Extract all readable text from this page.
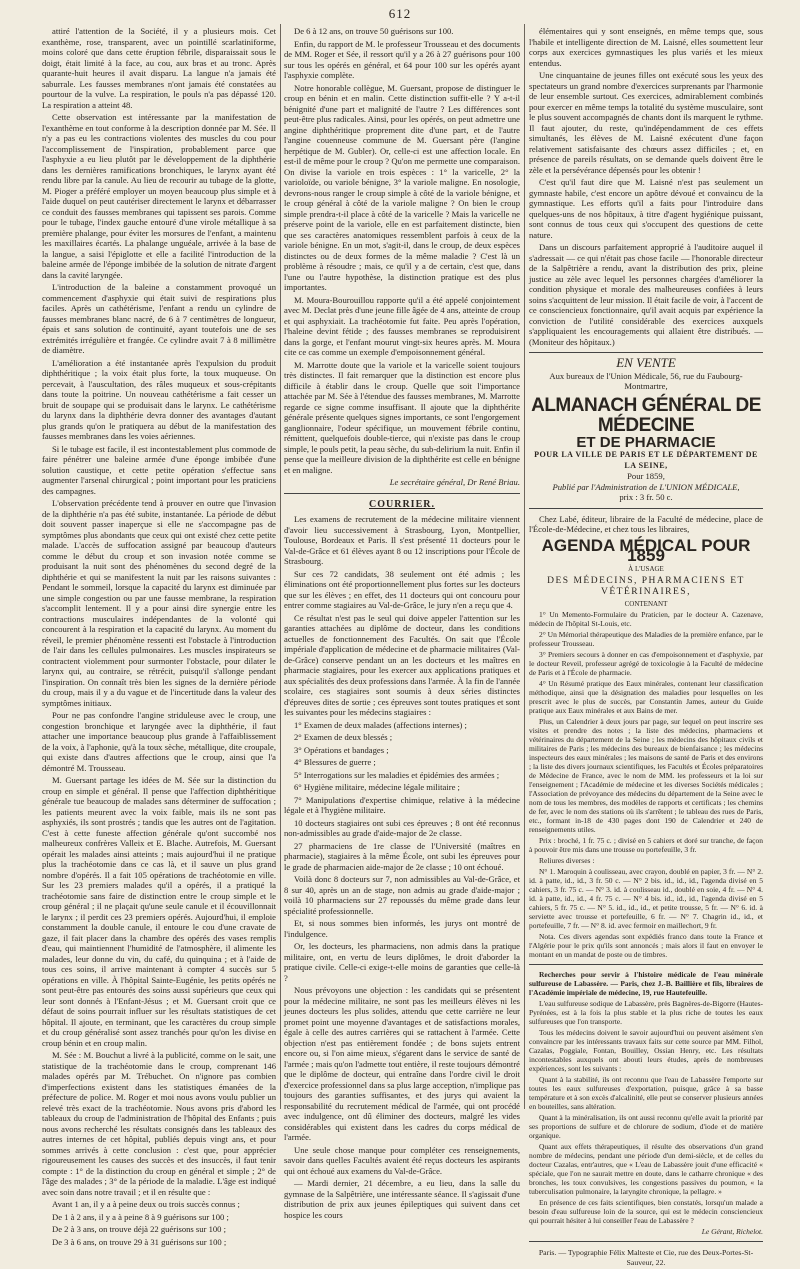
612

attiré l'attention de la Société, il y a plusieurs mois. Cet exanthème, rose, transparent, avec un pointillé scarlatiniforme, moins coloré que dans cette éruption fébrile, disparaissait sous le doigt, était limité à la face, au cou, aux bras et au tronc. Après quarante-huit heures il avait disparu. La langue n'a jamais été saburrale. Les fausses membranes n'ont jamais été constatées au pourtour de la vulve. La respiration, le pouls n'a pas dépassé 120. La respiration a atteint 48.

Cette observation est intéressante par la manifestation de l'exanthème en tout conforme à la description donnée par M. Sée. Il n'y a pas eu les contractions violentes des muscles du cou pour l'accomplissement de l'inspiration, probablement parce que l'asphyxie a eu lieu plutôt par le développement de la diphthérie dans les dernières ramifications bronchiques, le larynx ayant été rendu libre par la canule. Au lieu de recourir au tubage de la glotte, M. Pioger a préféré employer un moyen beaucoup plus simple et à l'aide duquel on peut cautériser directement le larynx et débarrasser ce conduit des fausses membranes qui tapissent ses parois. Comme pour le tubage, l'index gauche entouré d'une virole métallique à sa première phalange, pour éviter les morsures de l'enfant, a maintenu les maxillaires écartés. La phalange unguéale, arrivée à la base de la langue, a saisi l'épiglotte et elle a facilité l'introduction de la baleine armée de l'éponge imbibée de la solution de nitrate d'argent dans la cavité laryngée.

L'introduction de la baleine a constamment provoqué un commencement d'asphyxie qui était suivi de respirations plus faciles. Après un cathétérisme, l'enfant a rendu un cylindre de fausses membranes blanc nacré, de 6 à 7 centimètres de longueur, épais et sans solution de continuité, ayant toutefois une de ses extrémités irrégulière et frangée. Ce cylindre avait 7 à 8 millimètre de diamètre.

L'amélioration a été instantanée après l'expulsion du produit diphthéritique ; la voix était plus forte, la toux muqueuse. On percevait, à l'auscultation, des râles muqueux et sous-crépitants dans toute la poitrine. Un nouveau cathétérisme a fait cesser un bruit de soupape qui se produisait dans le larynx. Le cathétérisme du larynx dans la diphthérie devra donner des avantages d'autant plus grands qu'on le pratiquera au début de la manifestation des fausses membranes dans les voies aériennes.

Si le tubage est facile, il est incontestablement plus commode de faire pénétrer une baleine armée d'une éponge imbibée d'une solution caustique, et cette petite opération s'effectue sans augmenter l'arsenal chirurgical ; point important pour les praticiens des campagnes.

L'observation précédente tend à prouver en outre que l'invasion de la diphthérie n'a pas été subite, instantanée. La période de début doit souvent passer inaperçue si elle ne s'accompagne pas de symptômes plus abondants que ceux qui ont existé chez cette petite malade. L'accès de suffocation assigné par beaucoup d'auteurs comme le début du croup et son invasion notée comme se produisant la nuit sont des phénomènes du second degré de la diphthérie et qui se manifestent la nuit par les raisons suivantes : Pendant le sommeil, lorsque la capacité du larynx est diminuée par une simple congestion ou par une fausse membrane, la respiration s'accomplit lentement. Il y a pour ainsi dire synergie entre les contractions musculaires indépendantes de la volonté qui concourent à la respiration et la capacité du larynx. Au moment du réveil, le premier phénomène ressenti est l'obstacle à l'introduction de l'air dans les cellules pulmonaires. Les muscles inspirateurs se contractent violemment pour surmonter l'obstacle, pour dilater le larynx qui, au contraire, se rétrécit, puisqu'il s'allonge pendant l'inspiration. On connaît très bien les signes de la dernière période du croup, mais il y a du vague et de l'incertitude dans la valeur des symptômes initiaux.

Pour ne pas confondre l'angine striduleuse avec le croup, une congestion bronchique et laryngée avec la diphthérie, il faut attacher une importance beaucoup plus grande à l'affaiblissement de la voix, à l'aphonie, qu'à la toux sèche, métallique, dite croupale, qui existe dans d'autres affections que le croup, ainsi que l'a démontré M. Trousseau.

M. Guersant partage les idées de M. Sée sur la distinction du croup en simple et général. Il pense que l'affection diphthéritique générale tue beaucoup de malades sans déterminer de suffocation ; les patients meurent avec la voix faible, mais ils ne sont pas asphyxiés, ils sont prostrés ; tandis que les autres ont de l'agitation. C'est à cette funeste affection générale qu'ont succombé nos malheureux confrères Valleix et E. Blache. Autrefois, M. Guersant opérait les malades ainsi atteints ; mais aujourd'hui il ne pratique plus la trachéotomie dans ce cas là, et il sauve un plus grand nombre d'opérés. Il a fait 105 opérations de trachéotomie en ville. Sur les 23 premiers malades qu'il a opérés, il a pratiqué la trachéotomie sans faire de distinction entre le croup simple et le croup général ; il ne plaçait qu'une seule canule et il écouvillonnait le larynx ; il perdit ces 23 premiers opérés. Aujourd'hui, il emploie constamment la double canule, il entoure le cou d'une cravate de gaze, il fait placer dans la chambre des opérés des vases remplis d'eau, qui maintiennent l'humidité de l'atmosphère, il alimente les malades, leur donne du vin, du café, du quinquina ; et à l'aide de tous ces soins, il arrive maintenant à compter 4 succès sur 5 opérations en ville. À l'hôpital Sainte-Eugénie, les petits opérés ne sont peut-être pas entourés des soins aussi supérieurs que ceux qui leur sont donnés à l'Enfant-Jésus ; et M. Guersant croit que ce défaut de soins pourrait influer sur les résultats statistiques de cet hôpital. Il ajoute, en terminant, que les caractères du croup simple et du croup généralisé sont assez tranchés pour qu'on les divise en croup bénin et en croup malin.

M. Sée : M. Bouchut a livré à la publicité, comme on le sait, une statistique de la trachéotomie dans le croup, comprenant 146 malades opérés par M. Trébuchet. On n'ignore pas combien d'imperfections existent dans les statistiques émanées de la préfecture de police. M. Roger et moi nous avons voulu publier un relevé très exact de la trachéotomie. Nous avons pris d'abord les tableaux du croup de l'administration de l'hôpital des Enfants ; puis nous avons recherché les résultats consignés dans les tableaux des autres internes de cet hôpital, publiés depuis vingt ans, et pour sommes arrivés à cette conclusion : c'est que, pour apprécier rigoureusement les causes des succès et des insuccès, il faut tenir compte : 1° de la distinction du croup en général et simple ; 2° de l'âge des malades ; 3° de la période de la maladie. L'âge est indiqué avec soin dans notre travail ; et il en résulte que :

Avant 1 an, il y a à peine deux ou trois succès connus ;

De 1 à 2 ans, il y a à peine 8 à 9 guérisons sur 100 ;

De 2 à 3 ans, on trouve déjà 22 guérisons sur 100 ;

De 3 à 6 ans, on trouve 29 à 31 guérisons sur 100 ;

De 6 à 12 ans, on trouve 50 guérisons sur 100.

Enfin, du rapport de M. le professeur Trousseau et des documents de MM. Roger et Sée, il ressort qu'il y a 26 à 27 guérisons pour 100 sur tous les opérés en général, et 64 pour 100 sur les opérés ayant l'asphyxie complète.

Notre honorable collègue, M. Guersant, propose de distinguer le croup en bénin et en malin. Cette distinction suffit-elle ? Y a-t-il bénignité d'une part et malignité de l'autre ? Les différences sont peut-être plus radicales. Ainsi, pour les opérés, on peut admettre une angine diphthéritique proprement dite d'une part, et de l'autre l'angine couenneuse commune de M. Guersant père (l'angine herpétique de M. Gubler). Or, celle-ci est une affection locale. En est-il de même pour le croup ? Qu'on me permette une comparaison. On divise la variole en trois espèces : 1° la varicelle, 2° la varioloïde, ou variole bénigne, 3° la variole maligne. En nosologie, devrons-nous ranger le croup simple à côté de la variole bénigne, et le croup général à côté de la variole maligne ? On bien le croup simple prendra-t-il place à côté de la varicelle ? Mais la varicelle ne préserve point de la variole, elle en est parfaitement distincte, bien que ses caractères anatomiques ressemblent parfois à ceux de la variole bénigne. En un mot, s'agit-il, dans le croup, de deux espèces distinctes ou de deux formes de la même maladie ? C'est là un problème à résoudre ; mais, ce qu'il y a de certain, c'est que, dans l'une ou l'autre hypothèse, la distinction pratique est des plus importantes.

M. Moura-Bourouillou rapporte qu'il a été appelé conjointement avec M. Declat près d'une jeune fille âgée de 4 ans, atteinte de croup et qui asphyxiait. La trachéotomie fut faite. Peu après l'opération, l'haleine devint fétide ; des fausses membranes se reproduisirent dans la gorge, et l'enfant mourut vingt-six heures après. M. Moura cite ce cas comme un exemple d'empoisonnement général.

M. Marrotte doute que la variole et la varicelle soient toujours très distinctes. Il fait remarquer que la distinction est encore plus difficile à établir dans le croup. Quelle que soit l'importance attachée par M. Sée à l'étendue des fausses membranes, M. Marrotte regarde ce signe comme insuffisant. Il ajoute que la diphthérite générale présente quelques signes importants, ce sont l'engorgement ganglionnaire, l'odeur spécifique, un mouvement fébrile continu, rémittent, quelquefois double-tierce, qui n'existe pas dans le croup simple, le pouls petit, la peau sèche, du sub-delirium la nuit. Enfin il pense que la meilleure division de la diphthérite est celle en bénigne et en maligne.

Le secrétaire général, Dr René Briau.
COURRIER.

Les examens de recrutement de la médecine militaire viennent d'avoir lieu successivement à Strasbourg, Lyon, Montpellier, Toulouse, Bordeaux et Paris. Il s'est présenté 11 docteurs pour le Val-de-Grâce et 61 élèves ayant 8 ou 12 inscriptions pour l'École de Strasbourg.

Sur ces 72 candidats, 38 seulement ont été admis ; les éliminations ont été proportionnellement plus fortes sur les docteurs que sur les élèves ; en effet, des 11 docteurs qui ont concouru pour entrer comme stagiaires au Val-de-Grâce, le jury n'en a reçu que 4.

Ce résultat n'est pas le seul qui doive appeler l'attention sur les garanties attachées au diplôme de docteur, dans les conditions actuelles de fonctionnement des Facultés. On sait que l'École impériale d'application de médecine et de pharmacie militaires (Val-de-Grâce) conserve pendant un an les docteurs et les maîtres en pharmacie stagiaires, pour les exercer aux applications pratiques et aux spécialités des deux professions dans l'armée. À la fin de l'année scolaire, ces stagiaires sont soumis à deux séries distinctes d'épreuves dites de sortie ; ces épreuves sont toutes pratiques et sont les suivantes pour les médecins stagiaires :

1° Examen de deux malades (affections internes) ;

2° Examen de deux blessés ;

3° Opérations et bandages ;

4° Blessures de guerre ;

5° Interrogations sur les maladies et épidémies des armées ;

6° Hygiène militaire, médecine légale militaire ;

7° Manipulations d'expertise chimique, relative à la médecine légale et à l'hygiène militaire.

10 docteurs stagiaires ont subi ces épreuves ; 8 ont été reconnus non-admissibles au grade d'aide-major de 2e classe.

27 pharmaciens de 1re classe de l'Université (maîtres en pharmacie), stagiaires à la même École, ont subi les épreuves pour le grade de pharmacien aide-major de 2e classe ; 10 ont échoué.

Voilà donc 8 docteurs sur 7, non admissibles au Val-de-Grâce, et 8 sur 40, après un an de stage, non admis au grade d'aide-major ; voilà 10 pharmaciens sur 27 repoussés du même grade dans leur spécialité professionnelle.

Et, si nous sommes bien informés, les jurys ont montré de l'indulgence.

Or, les docteurs, les pharmaciens, non admis dans la pratique militaire, ont, en vertu de leurs diplômes, le droit d'aborder la pratique civile. Celle-ci exige-t-elle moins de garanties que celle-là ?

Nous prévoyons une objection : les candidats qui se présentent pour la médecine militaire, ne sont pas les meilleurs élèves ni les jeunes docteurs les plus solides, attendu que cette carrière ne leur promet point une moyenne d'avantages et de satisfactions morales, égale à celle des autres carrières qui se rattachent à l'armée. Cette objection n'est pas entièrement fondée ; de bons sujets entrent encore ou, si l'on aime mieux, s'égarent dans le service de santé de l'armée ; mais qu'on l'admette tout entière, il reste toujours démontré que le diplôme de docteur, qui entraîne dans l'ordre civil le droit d'exercice professionnel dans sa plus large acception, n'implique pas toujours des garanties suffisantes, et des jurys qui avaient la responsabilité du recrutement médical de l'armée, qui ont procédé avec indulgence, ont dû éliminer des docteurs, malgré les vides considérables qui existent dans les cadres du corps médical de l'armée.

Une seule chose manque pour compléter ces renseignements, savoir dans quelles Facultés avaient été reçus docteurs les aspirants qui ont échoué aux examens du Val-de-Grâce.

— Mardi dernier, 21 décembre, a eu lieu, dans la salle du gymnase de la Salpêtrière, une intéressante séance. Il s'agissait d'une distribution de prix aux jeunes épileptiques qui suivent dans cet hospice les cours

élémentaires qui y sont enseignés, en même temps que, sous l'habile et intelligente direction de M. Laisné, elles soumettent leur corps aux exercices gymnastiques les plus variés et les mieux entendus.

Une cinquantaine de jeunes filles ont exécuté sous les yeux des spectateurs un grand nombre d'exercices surprenants par l'harmonie de leur ensemble surtout. Ces exercices, admirablement combinés pour exercer en même temps la totalité du système musculaire, sont le plus souvent accompagnés de chants dont ils marquent le rythme. Il faut ajouter, du reste, qu'indépendamment de ces effets simultanés, les élèves de M. Laisné exécutent d'une façon relativement satisfaisante des chœurs assez difficiles ; et, en présence de pareils résultats, on se demande quels doivent être le zèle et la persévérance dépensés pour les obtenir !

C'est qu'il faut dire que M. Laisné n'est pas seulement un gymnaste habile, c'est encore un apôtre dévoué et convaincu de la gymnastique. Les efforts qu'il a faits pour l'introduire dans quelques-uns de nos hôpitaux, à titre d'agent hygiénique puissant, sont connus de tous ceux qui s'occupent des questions de cette nature.

Dans un discours parfaitement approprié à l'auditoire auquel il s'adressait — ce qui n'était pas chose facile — l'honorable directeur de la Salpêtrière a rendu, avant la distribution des prix, pleine justice au zèle avec lequel les personnes chargées d'améliorer la condition physique et morale des malheureuses confiées à leurs soins s'acquittent de leur mission. Il était facile de voir, à l'accent de ce consciencieux fonctionnaire, qu'il avait acquis par expérience la conviction de l'utilité considérable des exercices auxquels s'appliquaient les encouragements qui allaient être distribués. — (Moniteur des hôpitaux.)

EN VENTE
Aux bureaux de l'Union Médicale, 56, rue du Faubourg-Montmartre,
ALMANACH GÉNÉRAL DE MÉDECINE
ET DE PHARMACIE
POUR LA VILLE DE PARIS ET LE DÉPARTEMENT DE LA SEINE,
Pour 1859,
Publié par l'Administration de L'UNION MÉDICALE,
prix : 3 fr. 50 c.

Chez Labé, éditeur, libraire de la Faculté de médecine, place de l'École-de-Médecine, et chez tous les libraires,

AGENDA MÉDICAL POUR 1859
À L'USAGE
DES MÉDECINS, PHARMACIENS ET VÉTÉRINAIRES,
CONTENANT

1° Un Memento-Formulaire du Praticien, par le docteur A. Cazenave, médecin de l'hôpital St-Louis, etc.

2° Un Mémorial thérapeutique des Maladies de la première enfance, par le professeur Trousseau.

3° Premiers secours à donner en cas d'empoisonnement et d'asphyxie, par le docteur Reveil, professeur agrégé de toxicologie à la Faculté de médecine de Paris et à l'École de pharmacie.

4° Un Résumé pratique des Eaux minérales, contenant leur classification méthodique, ainsi que la désignation des maladies pour lesquelles on les prescrit avec le plus de succès, par Constantin James, auteur du Guide pratique aux Eaux minérales et aux Bains de mer.

Plus, un Calendrier à deux jours par page, sur lequel on peut inscrire ses visites et prendre des notes ; la liste des médecins, pharmaciens et vétérinaires du département de la Seine ; les médecins des hôpitaux civils et militaires de Paris ; les médecins des bureaux de bienfaisance ; les médecins inspecteurs des eaux minérales ; les maisons de santé de Paris et des environs ; la liste des divers journaux scientifiques, les Facultés et Écoles préparatoires de Médecine de France, avec le nom de MM. les professeurs et la loi sur l'enseignement ; l'Académie de médecine et les diverses Sociétés médicales ; l'Association de prévoyance des médecins du département de la Seine avec le nom de tous les membres, des modèles de rapports et certificats ; les chemins de fer, avec le nom des stations où ils s'arrêtent ; le tableau des rues de Paris, etc., formant in-18 de 430 pages dont 190 de Calendrier et 240 de renseignements utiles.

Prix : broché, 1 fr. 75 c. ; divisé en 5 cahiers et doré sur tranche, de façon à pouvoir être mis dans une trousse ou portefeuille, 3 fr.

Reliures diverses :

N° 1. Maroquin à coulisseau, avec crayon, doublé en papier, 3 fr. — N° 2. id. à patte, id., id., 3 fr. 50 c. — N° 2 bis. id., id., id., l'agenda divisé en 5 cahiers, 3 fr. 75 c. — N° 3. id. à coulisseau id., doublé en soie, 4 fr. — N° 4. id. à patte, id., id., 4 fr. 75 c. — N° 4 bis. id., id., id., l'agenda divisé en 5 cahiers, 5 fr. 75 c. — N° 5. id., id., id., et petite trousse, 5 fr. — N° 6. id. à serviette avec trousse et portefeuille, 6 fr. — N° 7. Chagrin id., id., et portefeuille, 7 fr. — N° 8. id. avec fermoir en maillechort, 9 fr.

Nota. Ces divers agendas sont expédiés franco dans toute la France et l'Algérie pour le prix qu'ils sont annoncés ; mais alors il faut en envoyer le montant en un mandat de poste ou de timbres.

Recherches pour servir à l'histoire médicale de l'eau minérale sulfureuse de Labassère. — Paris, chez J.-B. Baillière et fils, libraires de l'Académie impériale de médecine, 19, rue Hautefeuille.

L'eau sulfureuse sodique de Labassère, près Bagnères-de-Bigorre (Hautes-Pyrénées, est à la fois la plus stable et la plus riche de toutes les eaux sulfureuses que l'on transporte.

Tous les médecins doivent le savoir aujourd'hui ou peuvent aisément s'en convaincre par les intéressants travaux faits sur cette source par MM. Filhol, Cazalas, Poggiale, Fontan, Bouilley, Ossian Henry, etc. Les résultats incontestables auxquels ont abouti leurs études, après de nombreuses expériences, sont les suivants :

Quant à la stabilité, ils ont reconnu que l'eau de Labassère l'emporte sur toutes les eaux sulfureuses d'exportation, puisque, grâce à sa basse température et à son excès d'alcalinité, elle peut se conserver plusieurs années en bouteilles, sans altération.

Quant à la minéralisation, ils ont aussi reconnu qu'elle avait la priorité par ses proportions de sulfure et de chlorure de sodium, d'iode et de matière organique.

Quant aux effets thérapeutiques, il résulte des observations d'un grand nombre de médecins, pendant une période d'un demi-siècle, et de celles du docteur Cazalas, entr'autres, que « L'eau de Labassère jouit d'une efficacité « spéciale, que l'on ne saurait mettre en doute, dans le catharre chronique « des bronches, les toux convulsives, les congestions passives du poumon, « la tuberculisation pulmonaire, la laryngite chronique, la pellagre. »

En présence de ces faits scientifiques, bien constatés, lorsqu'un malade a besoin d'eau sulfureuse loin de la source, qui est le médecin consciencieux qui pourrait hésiter à lui conseiller l'eau de Labassère ?

Le Gérant, Richelot.
Paris. — Typographie Félix Malteste et Cie, rue des Deux-Portes-St-Sauveur, 22.
